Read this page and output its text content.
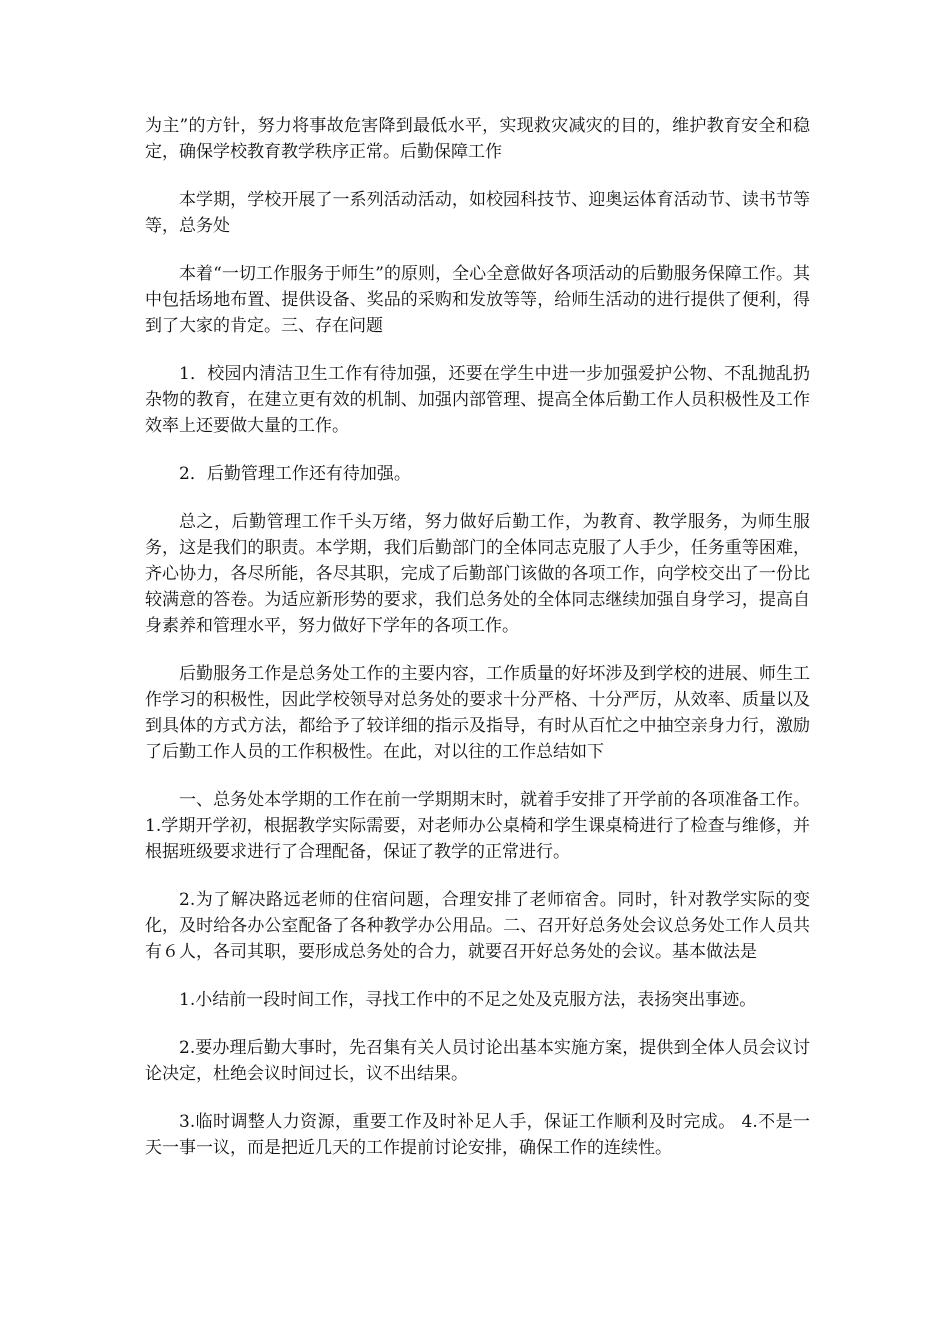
为主”的方针，努力将事故危害降到最低水平，实现救灾减灾的目的，维护教育安全和稳定，确保学校教育教学秩序正常。后勤保障工作

本学期，学校开展了一系列活动活动，如校园科技节、迎奥运体育活动节、读书节等等，总务处

本着“一切工作服务于师生”的原则，全心全意做好各项活动的后勤服务保障工作。其中包括场地布置、提供设备、奖品的采购和发放等等，给师生活动的进行提供了便利，得到了大家的肯定。三、存在问题

1．校园内清洁卫生工作有待加强，还要在学生中进一步加强爱护公物、不乱抛乱扔杂物的教育，在建立更有效的机制、加强内部管理、提高全体后勤工作人员积极性及工作效率上还要做大量的工作。

2．后勤管理工作还有待加强。

总之，后勤管理工作千头万绪，努力做好后勤工作，为教育、教学服务，为师生服务，这是我们的职责。本学期，我们后勤部门的全体同志克服了人手少，任务重等困难，齐心协力，各尽所能，各尽其职，完成了后勤部门该做的各项工作，向学校交出了一份比较满意的答卷。为适应新形势的要求，我们总务处的全体同志继续加强自身学习，提高自身素养和管理水平，努力做好下学年的各项工作。

后勤服务工作是总务处工作的主要内容，工作质量的好坏涉及到学校的进展、师生工作学习的积极性，因此学校领导对总务处的要求十分严格、十分严厉，从效率、质量以及到具体的方式方法，都给予了较详细的指示及指导，有时从百忙之中抽空亲身力行，激励了后勤工作人员的工作积极性。在此，对以往的工作总结如下

一、总务处本学期的工作在前一学期期末时，就着手安排了开学前的各项准备工作。 1.学期开学初，根据教学实际需要，对老师办公桌椅和学生课桌椅进行了检查与维修，并根据班级要求进行了合理配备，保证了教学的正常进行。

2.为了解决路远老师的住宿问题，合理安排了老师宿舍。同时，针对教学实际的变化，及时给各办公室配备了各种教学办公用品。二、召开好总务处会议总务处工作人员共有６人，各司其职，要形成总务处的合力，就要召开好总务处的会议。基本做法是

1.小结前一段时间工作，寻找工作中的不足之处及克服方法，表扬突出事迹。

2.要办理后勤大事时，先召集有关人员讨论出基本实施方案，提供到全体人员会议讨论决定，杜绝会议时间过长，议不出结果。

3.临时调整人力资源，重要工作及时补足人手，保证工作顺利及时完成。 4.不是一天一事一议，而是把近几天的工作提前讨论安排，确保工作的连续性。
